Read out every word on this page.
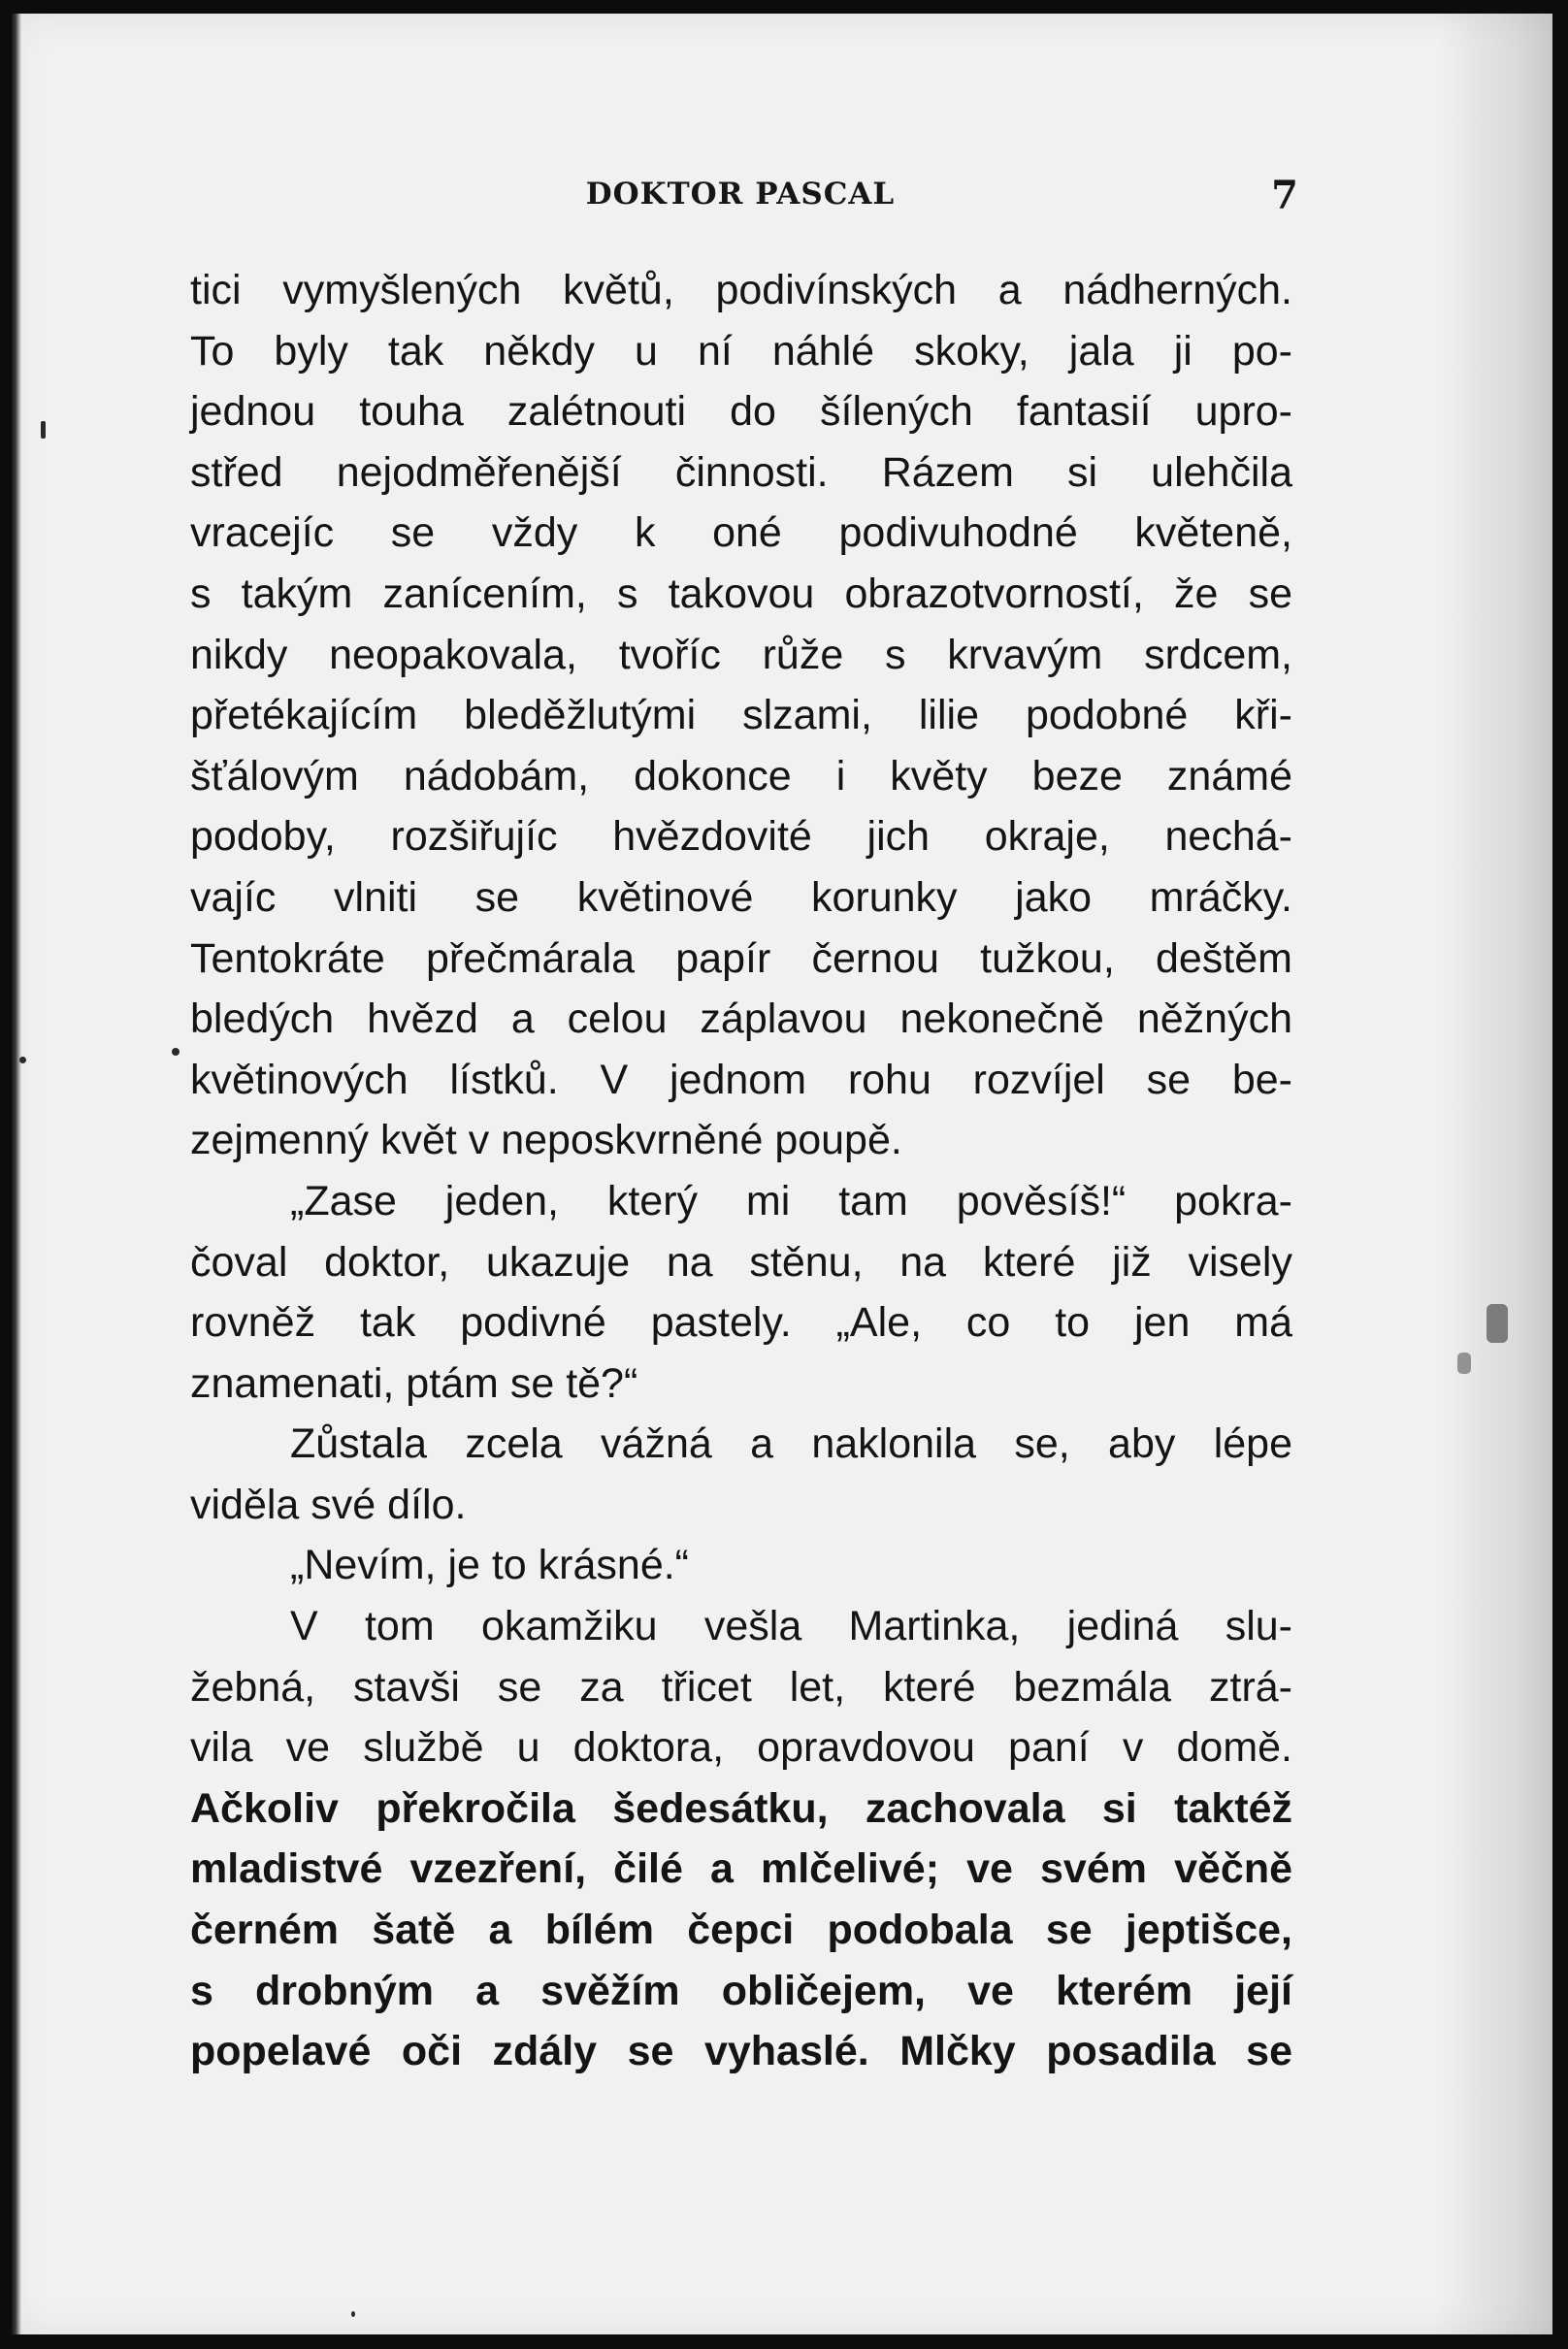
DOKTOR PASCAL	7
tici vymyšlených květů, podivínských a nádherných.
To byly tak někdy u ní náhlé skoky, jala ji po-
jednou touha zalétnouti do šílených fantasií upro-
střed nejodměřenější činnosti. Rázem si ulehčila
vracejíc se vždy k oné podivuhodné květeně,
s takým zanícením, s takovou obrazotvorností, že se
nikdy neopakovala, tvoříc růže s krvavým srdcem,
přetékajícím bleděžlutými slzami, lilie podobné kři-
šťálovým nádobám, dokonce i květy beze známé
podoby, rozšiřujíc hvězdovité jich okraje, nechá-
vajíc vlniti se květinové korunky jako mráčky.
Tentokráte přečmárala papír černou tužkou, deštěm
bledých hvězd a celou záplavou nekonečně něžných
květinových lístků. V jednom rohu rozvíjel se be-
zejmenný květ v neposkvrněné poupě.
„Zase jeden, který mi tam pověsíš!“ pokra-
čoval doktor, ukazuje na stěnu, na které již visely
rovněž tak podivné pastely. „Ale, co to jen má
znamenati, ptám se tě?“
Zůstala zcela vážná a naklonila se, aby lépe
viděla své dílo.
„Nevím, je to krásné.“
V tom okamžiku vešla Martinka, jediná slu-
žebná, stavši se za třicet let, které bezmála ztrá-
vila ve službě u doktora, opravdovou paní v domě.
Ačkoliv překročila šedesátku, zachovala si taktéž
mladistvé vzezření, čilé a mlčelivé; ve svém věčně
černém šatě a bílém čepci podobala se jeptišce,
s drobným a svěžím obličejem, ve kterém její
popelavé oči zdály se vyhaslé. Mlčky posadila se
